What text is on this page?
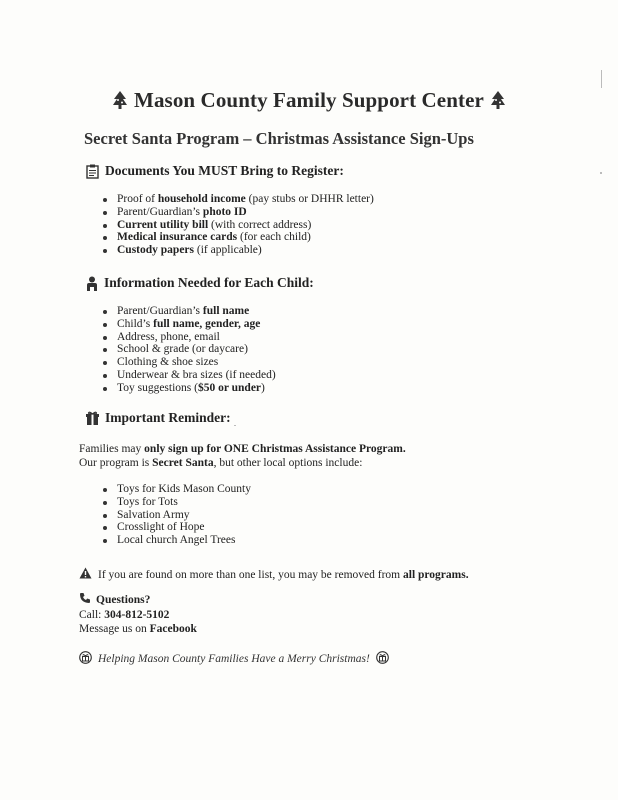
Mason County Family Support Center
Secret Santa Program – Christmas Assistance Sign-Ups
Documents You MUST Bring to Register:
Proof of household income (pay stubs or DHHR letter)
Parent/Guardian’s photo ID
Current utility bill (with correct address)
Medical insurance cards (for each child)
Custody papers (if applicable)
Information Needed for Each Child:
Parent/Guardian’s full name
Child’s full name, gender, age
Address, phone, email
School & grade (or daycare)
Clothing & shoe sizes
Underwear & bra sizes (if needed)
Toy suggestions ($50 or under)
Important Reminder:
Families may only sign up for ONE Christmas Assistance Program.
Our program is Secret Santa, but other local options include:
Toys for Kids Mason County
Toys for Tots
Salvation Army
Crosslight of Hope
Local church Angel Trees
If you are found on more than one list, you may be removed from all programs.
Questions?
Call: 304-812-5102
Message us on Facebook
Helping Mason County Families Have a Merry Christmas!
